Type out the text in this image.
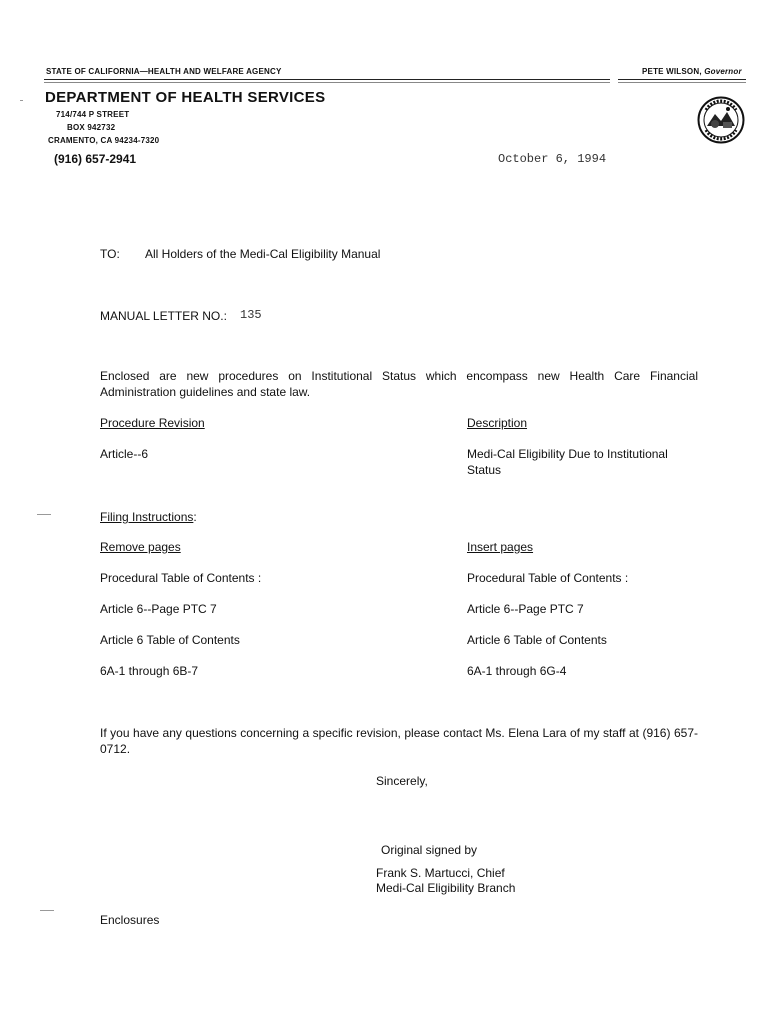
STATE OF CALIFORNIA—HEALTH AND WELFARE AGENCY	PETE WILSON, Governor
DEPARTMENT OF HEALTH SERVICES
714/744 P STREET
BOX 942732
CRAMENTO, CA 94234-7320
(916) 657-2941	October 6, 1994
TO: All Holders of the Medi-Cal Eligibility Manual
MANUAL LETTER NO.: 135
Enclosed are new procedures on Institutional Status which encompass new Health Care Financial Administration guidelines and state law.
Procedure Revision	Description
Article--6	Medi-Cal Eligibility Due to Institutional Status
Filing Instructions:
Remove pages	Insert pages
Procedural Table of Contents :	Procedural Table of Contents :
Article 6--Page PTC 7	Article 6--Page PTC 7
Article 6 Table of Contents	Article 6 Table of Contents
6A-1 through 6B-7	6A-1 through 6G-4
If you have any questions concerning a specific revision, please contact Ms. Elena Lara of my staff at (916) 657-0712.
Sincerely,
Original signed by
Frank S. Martucci, Chief
Medi-Cal Eligibility Branch
Enclosures
